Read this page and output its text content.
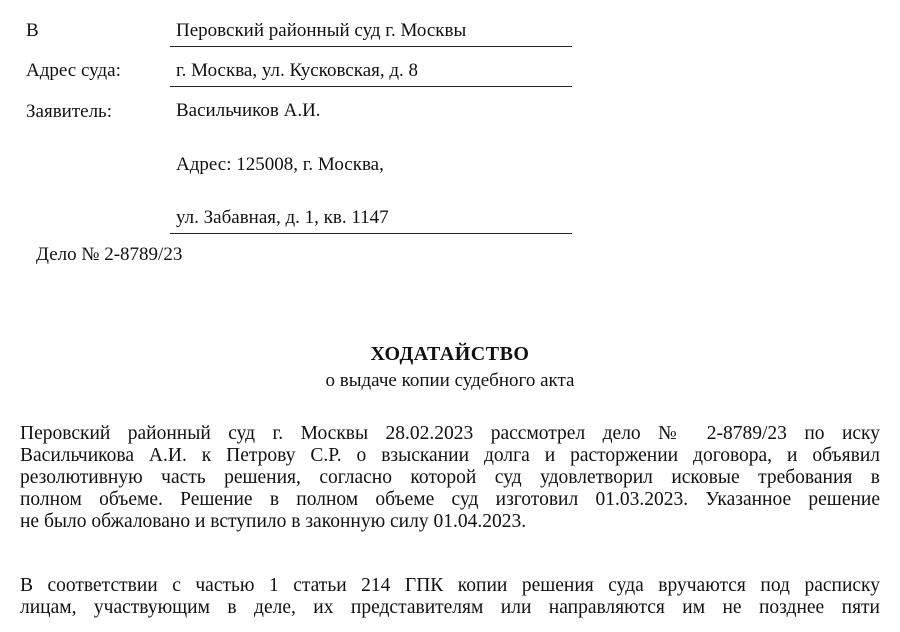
В	Перовский районный суд г. Москвы
Адрес суда:	г. Москва, ул. Кусковская, д. 8
Заявитель:	Васильчиков А.И.
Адрес: 125008, г. Москва,
ул. Забавная, д. 1, кв. 1147
Дело № 2-8789/23
ХОДАТАЙСТВО
о выдаче копии судебного акта

Перовский районный суд г. Москвы 28.02.2023 рассмотрел дело № 2-8789/23 по иску
Васильчикова А.И. к Петрову С.Р. о взыскании долга и расторжении договора, и объявил
резолютивную часть решения, согласно которой суд удовлетворил исковые требования в
полном объеме. Решение в полном объеме суд изготовил 01.03.2023. Указанное решение
не было обжаловано и вступило в законную силу 01.04.2023.

В соответствии с частью 1 статьи 214 ГПК копии решения суда вручаются под расписку
лицам, участвующим в деле, их представителям или направляются им не позднее пяти
